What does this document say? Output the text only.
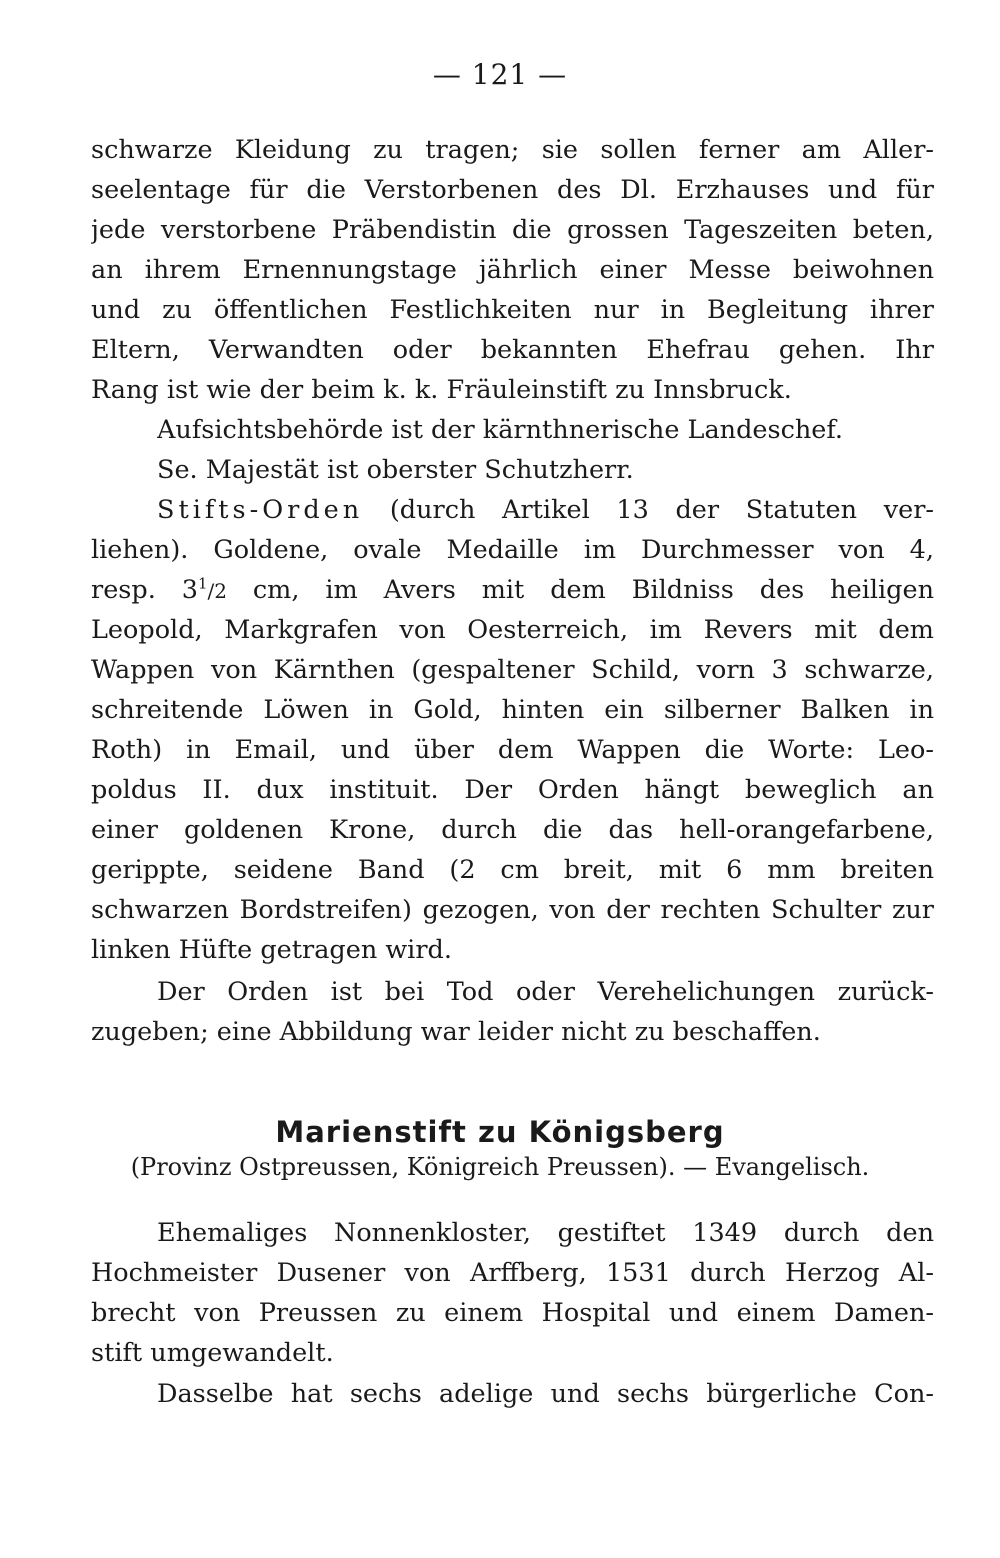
— 121 —
schwarze Kleidung zu tragen; sie sollen ferner am Aller-
seelentage für die Verstorbenen des Dl. Erzhauses und für
jede verstorbene Präbendistin die grossen Tageszeiten beten,
an ihrem Ernennungstage jährlich einer Messe beiwohnen
und zu öffentlichen Festlichkeiten nur in Begleitung ihrer
Eltern, Verwandten oder bekannten Ehefrau gehen. Ihr
Rang ist wie der beim k. k. Fräuleinstift zu Innsbruck.
Aufsichtsbehörde ist der kärnthnerische Landeschef.
Se. Majestät ist oberster Schutzherr.
Stifts-Orden (durch Artikel 13 der Statuten ver-
liehen). Goldene, ovale Medaille im Durchmesser von 4,
resp. $3^1/2$ cm, im Avers mit dem Bildniss des heiligen
Leopold, Markgrafen von Oesterreich, im Revers mit dem
Wappen von Kärnthen (gespaltener Schild, vorn 3 schwarze,
schreitende Löwen in Gold, hinten ein silberner Balken in
Roth) in Email, und über dem Wappen die Worte: Leo-
poldus II. dux instituit. Der Orden hängt beweglich an
einer goldenen Krone, durch die das hell-orangefarbene,
gerippte, seidene Band (2 cm breit, mit 6 mm breiten
schwarzen Bordstreifen) gezogen, von der rechten Schulter zur
linken Hüfte getragen wird.
Der Orden ist bei Tod oder Verehelichungen zurück-
zugeben; eine Abbildung war leider nicht zu beschaffen.
Marienstift zu Königsberg
(Provinz Ostpreussen, Königreich Preussen). — Evangelisch.
Ehemaliges Nonnenkloster, gestiftet 1349 durch den
Hochmeister Dusener von Arffberg, 1531 durch Herzog Al-
brecht von Preussen zu einem Hospital und einem Damen-
stift umgewandelt.
Dasselbe hat sechs adelige und sechs bürgerliche Con-
